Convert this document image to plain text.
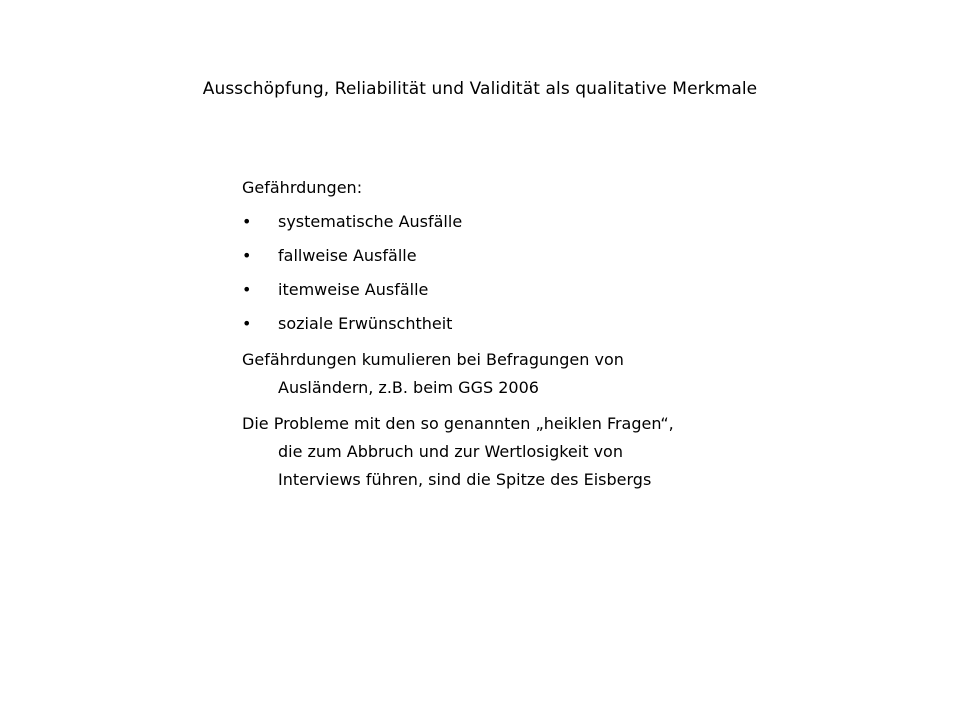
Ausschöpfung, Reliabilität und Validität als qualitative Merkmale
Gefährdungen:
• systematische Ausfälle
• fallweise Ausfälle
• itemweise Ausfälle
• soziale Erwünschtheit
Gefährdungen kumulieren bei Befragungen von
Ausländern, z.B. beim GGS 2006
Die Probleme mit den so genannten „heiklen Fragen“,
die zum Abbruch und zur Wertlosigkeit von
Interviews führen, sind die Spitze des Eisbergs
